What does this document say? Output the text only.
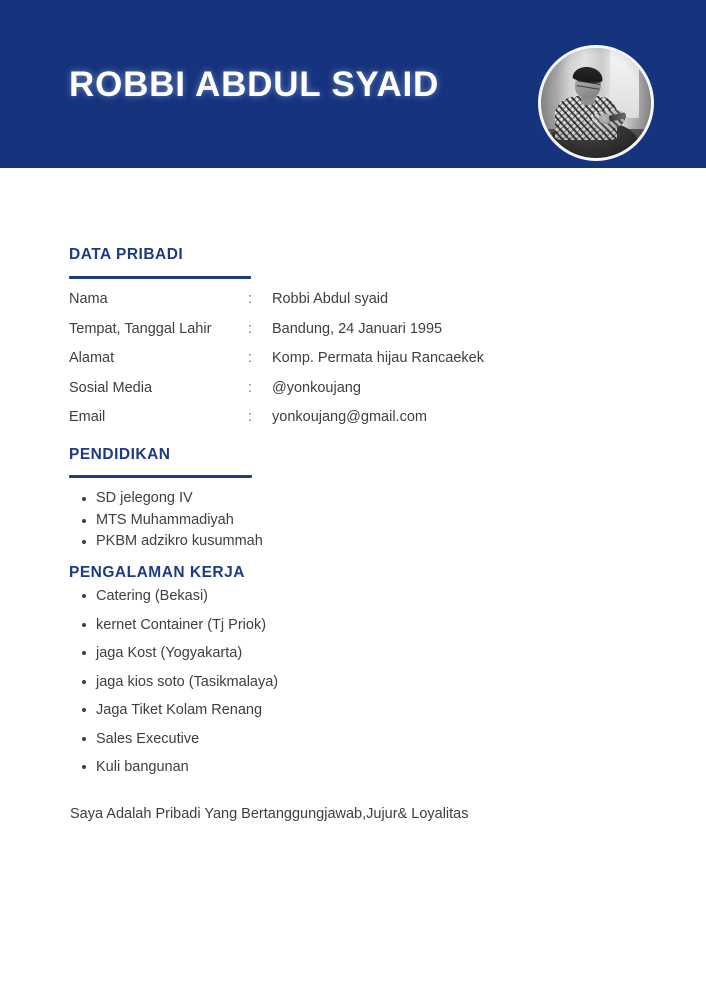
ROBBI ABDUL SYAID
DATA PRIBADI
Nama	:	Robbi Abdul syaid
Tempat, Tanggal Lahir	:	Bandung, 24 Januari 1995
Alamat	:	Komp. Permata hijau Rancaekek
Sosial Media	:	@yonkoujang
Email	:	yonkoujang@gmail.com
PENDIDIKAN
SD jelegong IV
MTS Muhammadiyah
PKBM adzikro kusummah
PENGALAMAN KERJA
Catering (Bekasi)
kernet Container (Tj Priok)
jaga Kost (Yogyakarta)
jaga kios soto (Tasikmalaya)
Jaga Tiket Kolam Renang
Sales Executive
Kuli bangunan
Saya Adalah Pribadi Yang Bertanggungjawab,Jujur& Loyalitas
